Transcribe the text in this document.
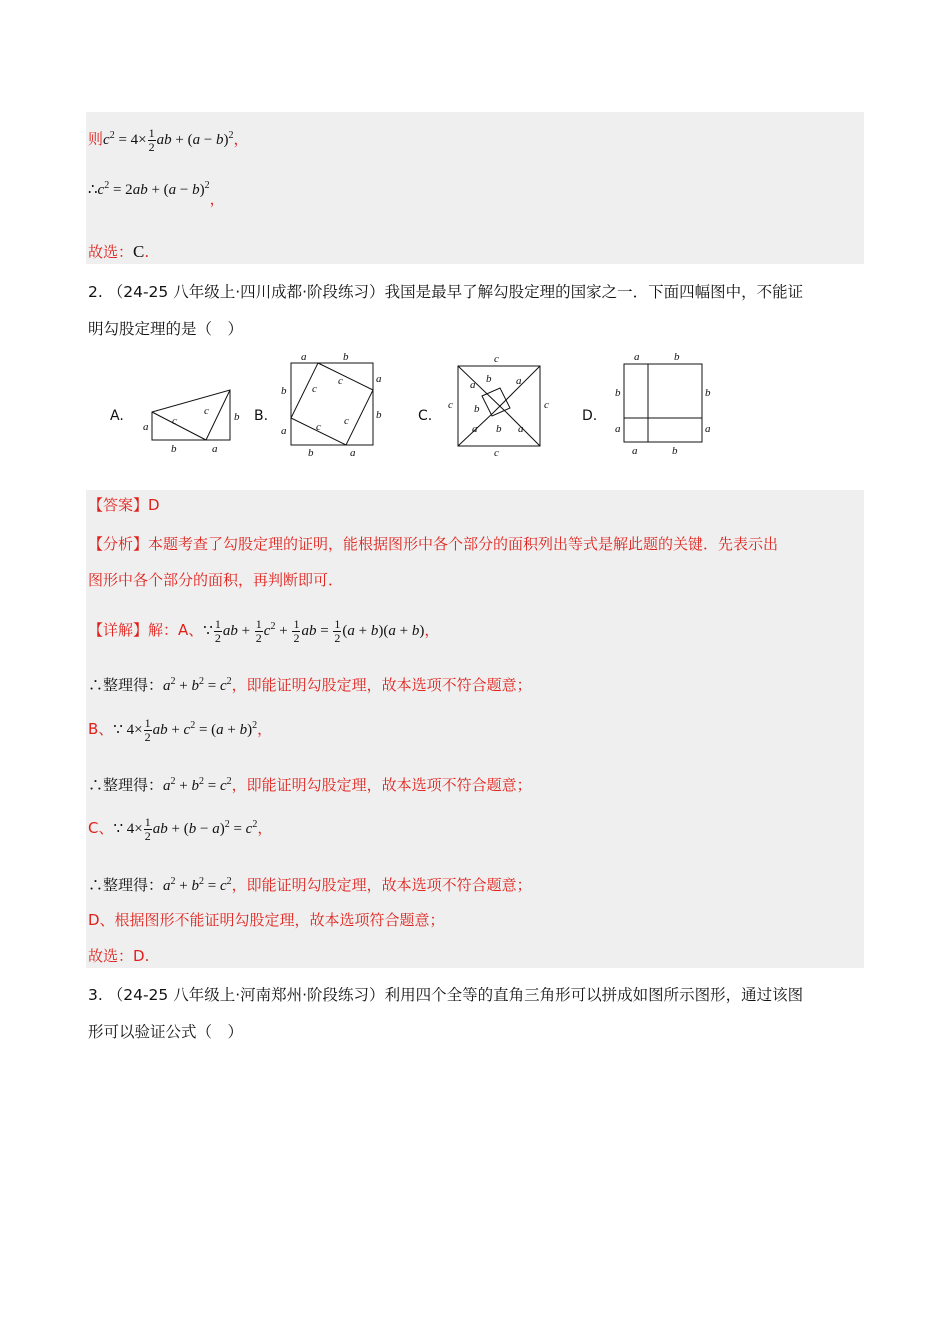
则$c^2 = 4\times \frac{1}{2}$ ab + $(a - b)^2$，
$\therefore c^2 = 2ab + (a - b)^2$，
故选：C.
2. （24-25 八年级上·四川成都·阶段练习）我国是最早了解勾股定理的国家之一．下面四幅图中，不能证
明勾股定理的是（　）
A.	B.	C.	D.
a
b	a
b
c
c
a	b
a
b
b
a
b	a
c
c
c
c
c
c	c
c
b
a	a
b
a b a
a	b
b	b
a	a
a	b
【答案】D
【分析】本题考查了勾股定理的证明，能根据图形中各个部分的面积列出等式是解此题的关键．先表示出
图形中各个部分的面积，再判断即可．
【详解】解：A、∵ $\frac{1}{2}$ ab + $\frac{1}{2} c^2 + \frac{1}{2}$ ab = $\frac{1}{2} (a + b)(a + b)$，
∴整理得：$a^2 + b^2 = c^2$，即能证明勾股定理，故本选项不符合题意；
B、∵ $4\times \frac{1}{2}$ ab + $c^2 = (a + b)^2$，
∴整理得：$a^2 + b^2 = c^2$，即能证明勾股定理，故本选项不符合题意；
C、∵ $4\times \frac{1}{2}$ ab + $(b - a)^2 = c^2$，
∴整理得：$a^2 + b^2 = c^2$，即能证明勾股定理，故本选项不符合题意；
D、根据图形不能证明勾股定理，故本选项符合题意；
故选：D.
3. （24-25 八年级上·河南郑州·阶段练习）利用四个全等的直角三角形可以拼成如图所示图形，通过该图
形可以验证公式（　）
